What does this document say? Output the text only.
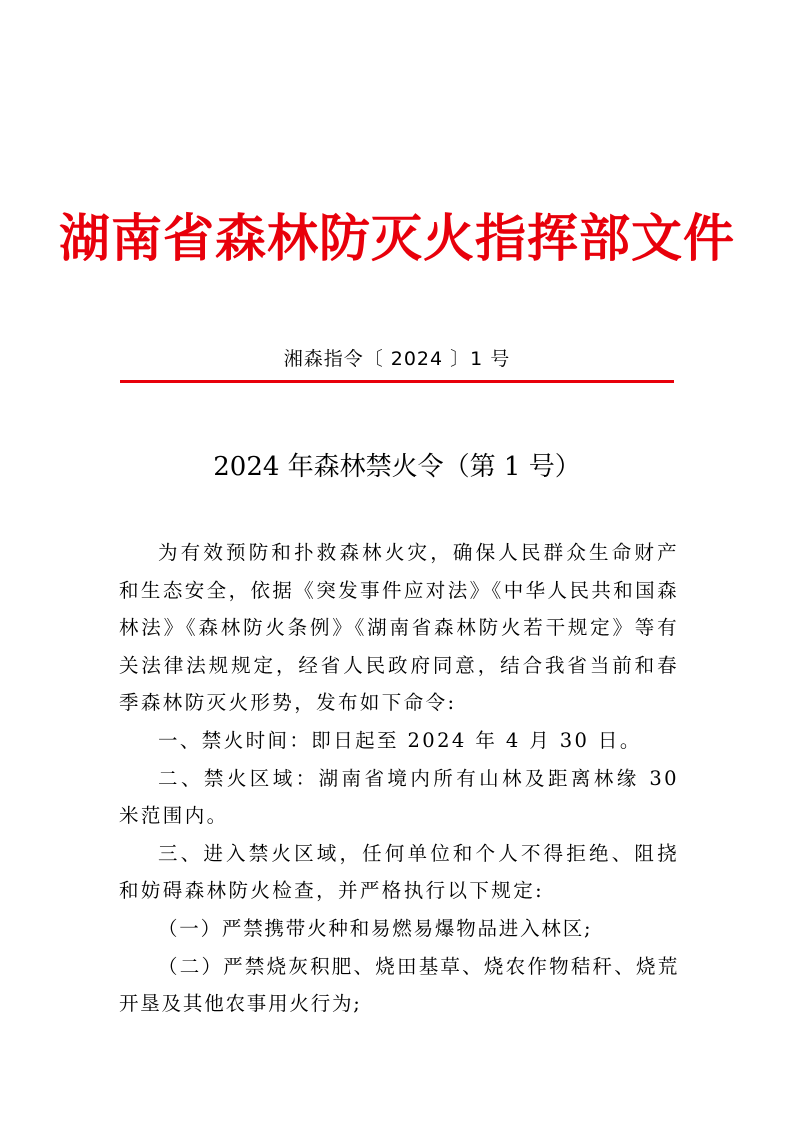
湖南省森林防灭火指挥部文件
湘森指令〔 2024 〕1 号
2024 年森林禁火令（第 1 号）

为有效预防和扑救森林火灾，确保人民群众生命财产和生态安全，依据《突发事件应对法》《中华人民共和国森林法》《森林防火条例》《湖南省森林防火若干规定》等有关法律法规规定，经省人民政府同意，结合我省当前和春季森林防灭火形势，发布如下命令:

一、禁火时间：即日起至 2024 年 4 月 30 日。

二、禁火区域：湖南省境内所有山林及距离林缘 30 米范围内。

三、进入禁火区域，任何单位和个人不得拒绝、阻挠和妨碍森林防火检查，并严格执行以下规定:

（一）严禁携带火种和易燃易爆物品进入林区;

（二）严禁烧灰积肥、烧田基草、烧农作物秸秆、烧荒开垦及其他农事用火行为;
